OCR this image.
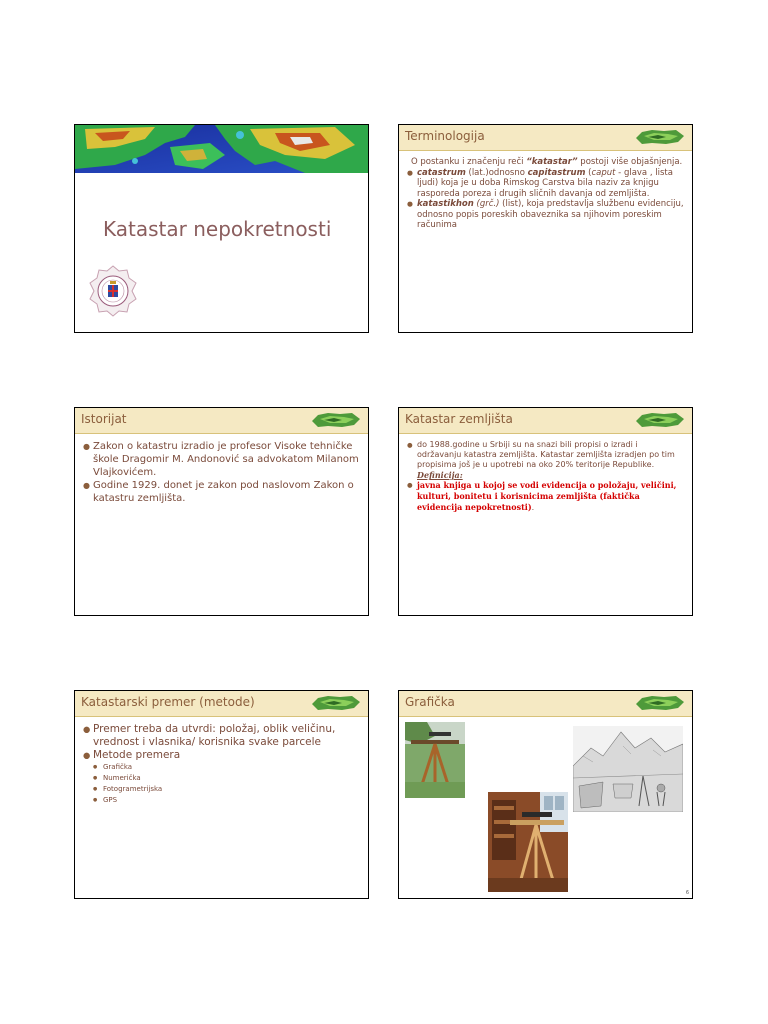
Katastar nepokretnosti
Terminologija
O postanku i značenju reči “katastar” postoji više objašnjenja.
● catastrum (lat.)odnosno capitastrum (caput - glava , lista ljudi) koja je u doba Rimskog Carstva bila naziv za knjigu rasporeda poreza i drugih sličnih davanja od zemljišta.
● katastikhon (grč.) (list), koja predstavlja službenu evidenciju, odnosno popis poreskih obaveznika sa njihovim poreskim računima
Istorijat
● Zakon o katastru izradio je profesor Visoke tehničke škole Dragomir M. Andonović sa advokatom Milanom Vlajkovićem.
● Godine 1929. donet je zakon pod naslovom Zakon o katastru zemljišta.
Katastar zemljišta
● do 1988.godine u Srbiji su na snazi bili propisi o izradi i održavanju katastra zemljišta. Katastar zemljišta izradjen po tim propisima još je u upotrebi na oko 20% teritorije Republike.
Definicija:
● javna knjiga u kojoj se vodi evidencija o položaju, veličini, kulturi, bonitetu i korisnicima zemljišta (faktička evidencija nepokretnosti).
Katastarski premer (metode)
● Premer treba da utvrdi: položaj, oblik veličinu, vrednost i vlasnika/ korisnika svake parcele
● Metode premera
● Grafička
● Numerička
● Fotogrametrijska
● GPS
Grafička
6
